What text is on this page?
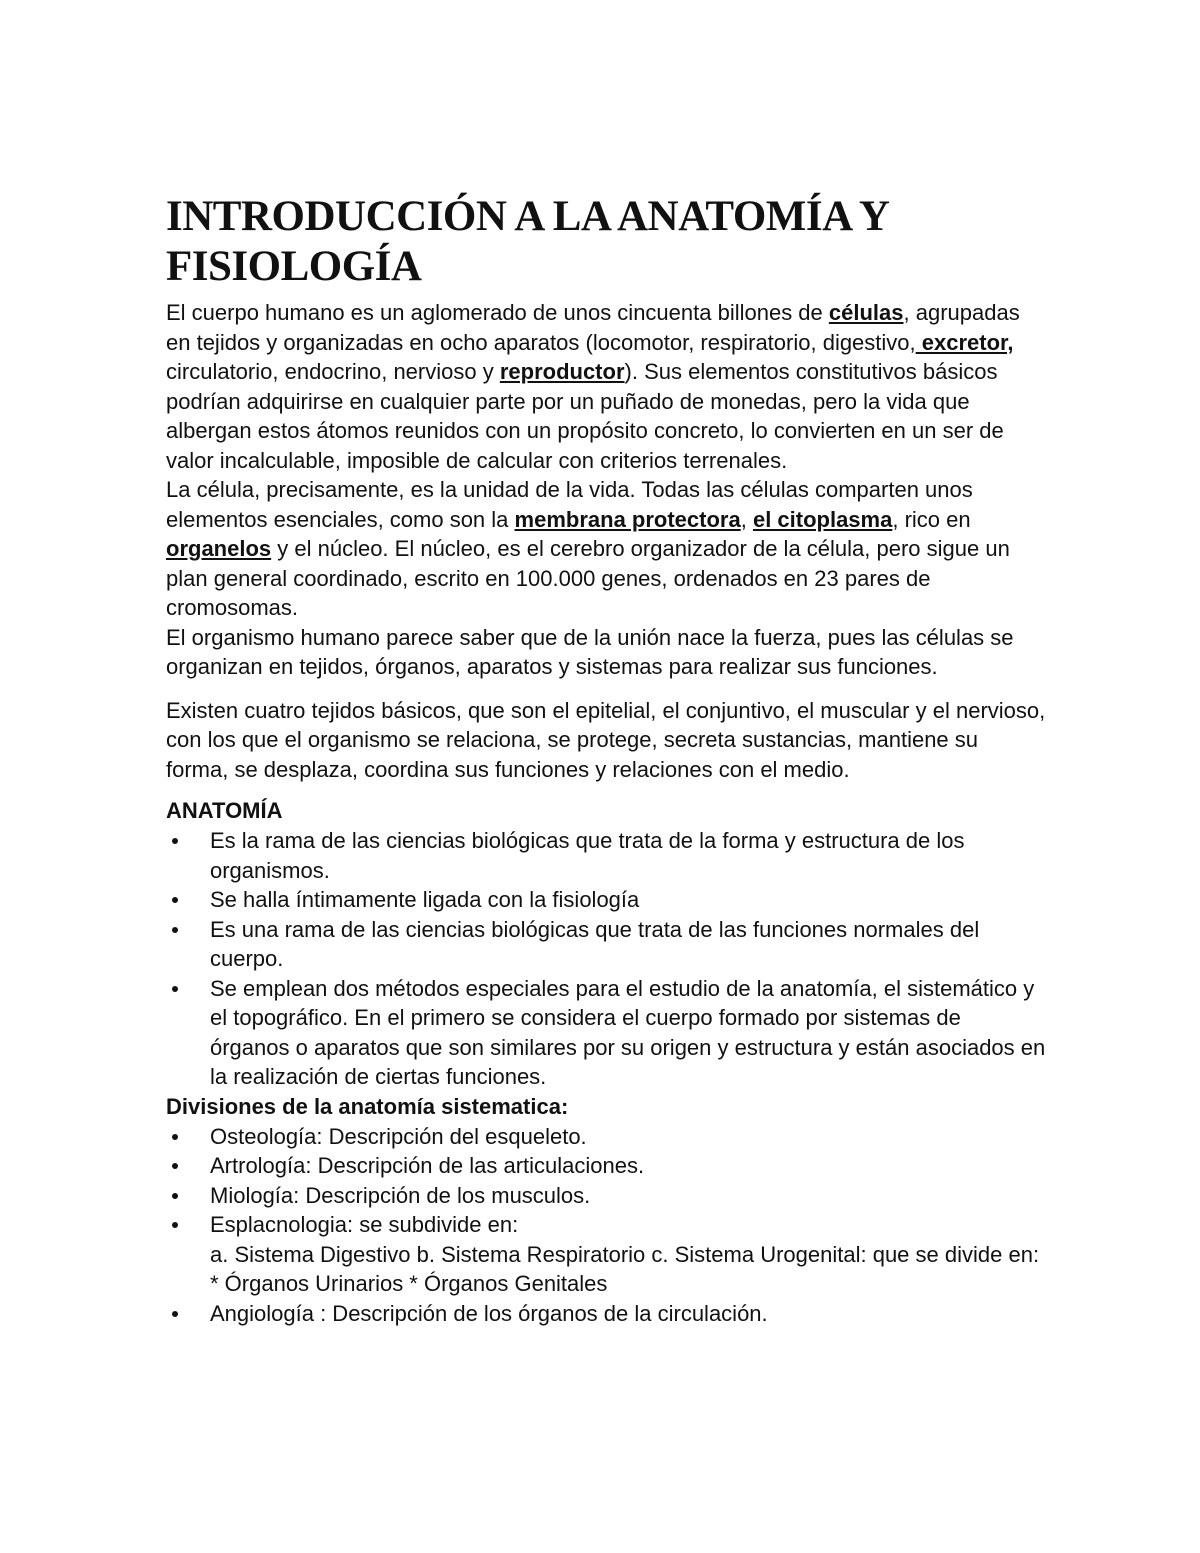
INTRODUCCIÓN A LA ANATOMÍA Y FISIOLOGÍA

El cuerpo humano es un aglomerado de unos cincuenta billones de células, agrupadas en tejidos y organizadas en ocho aparatos (locomotor, respiratorio, digestivo, excretor, circulatorio, endocrino, nervioso y reproductor). Sus elementos constitutivos básicos podrían adquirirse en cualquier parte por un puñado de monedas, pero la vida que albergan estos átomos reunidos con un propósito concreto, lo convierten en un ser de valor incalculable, imposible de calcular con criterios terrenales.

La célula, precisamente, es la unidad de la vida. Todas las células comparten unos elementos esenciales, como son la membrana protectora, el citoplasma, rico en organelos y el núcleo. El núcleo, es el cerebro organizador de la célula, pero sigue un plan general coordinado, escrito en 100.000 genes, ordenados en 23 pares de cromosomas.

El organismo humano parece saber que de la unión nace la fuerza, pues las células se organizan en tejidos, órganos, aparatos y sistemas para realizar sus funciones.

Existen cuatro tejidos básicos, que son el epitelial, el conjuntivo, el muscular y el nervioso, con los que el organismo se relaciona, se protege, secreta sustancias, mantiene su forma, se desplaza, coordina sus funciones y relaciones con el medio.

ANATOMÍA
Es la rama de las ciencias biológicas que trata de la forma y estructura de los organismos.
Se halla íntimamente ligada con la fisiología
Es una rama de las ciencias biológicas que trata de las funciones normales del cuerpo.
Se emplean dos métodos especiales para el estudio de la anatomía, el sistemático y el topográfico. En el primero se considera el cuerpo formado por sistemas de órganos o aparatos que son similares por su origen y estructura y están asociados en la realización de ciertas funciones.
Divisiones de la anatomía sistematica:
Osteología: Descripción del esqueleto.
Artrología: Descripción de las articulaciones.
Miología: Descripción de los musculos.
Esplacnologia: se subdivide en:
a. Sistema Digestivo b. Sistema Respiratorio c. Sistema Urogenital: que se divide en:
* Órganos Urinarios * Órganos Genitales
Angiología : Descripción de los órganos de la circulación.
